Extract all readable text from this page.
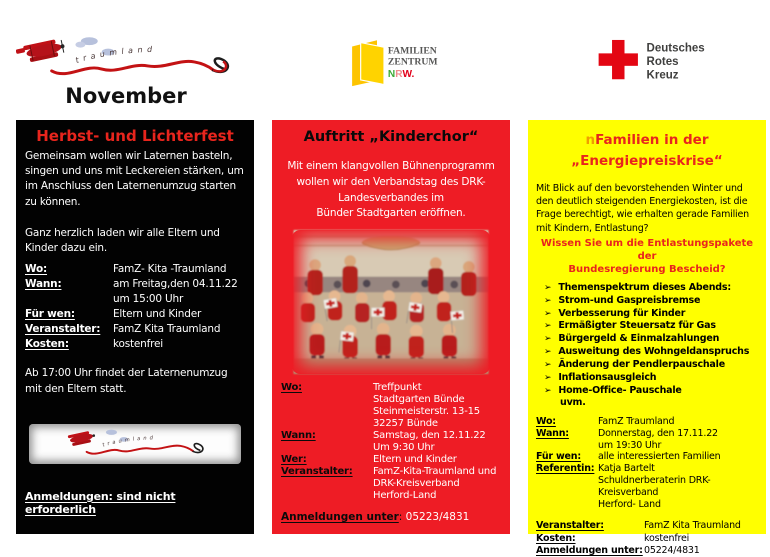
traumland
November
FAMILIEN
ZENTRUM
NRW.
Deutsches
Rotes
Kreuz
Herbst- und Lichterfest

Gemeinsam wollen wir Laternen basteln, singen und uns mit Leckereien stärken, um im Anschluss den Laternenumzug starten zu können.

Ganz herzlich laden wir alle Eltern und Kinder dazu ein.

Wo:	FamZ- Kita -Traumland
Wann:	am Freitag,den 04.11.22
um 15:00 Uhr
Für wen:	Eltern und Kinder
Veranstalter:	FamZ Kita Traumland
Kosten:	kostenfrei

Ab 17:00 Uhr findet der Laternenumzug mit den Eltern statt.

traumland
Anmeldungen: sind nicht erforderlich
Auftritt „Kinderchor“
Mit einem klangvollen Bühnenprogramm
wollen wir den Verbandstag des DRK-
Landesverbandes im
Bünder Stadtgarten eröffnen.
Wo:	Treffpunkt
Stadtgarten Bünde
Steinmeisterstr. 13-15
32257 Bünde
Wann:	Samstag, den 12.11.22
Um 9:30 Uhr
Wer:	Eltern und Kinder
Veranstalter:	FamZ-Kita-Traumland und
DRK-Kreisverband
Herford-Land
Anmeldungen unter: 05223/4831
nFamilien in der
„Energiepreiskrise“

Mit Blick auf den bevorstehenden Winter und den deutlich steigenden Energiekosten, ist die Frage berechtigt, wie erhalten gerade Familien mit Kindern, Entlastung?

Wissen Sie um die Entlastungspakete der
Bundesregierung Bescheid?
➢ Themenspektrum dieses Abends:
➢ Strom-und Gaspreisbremse
➢ Verbesserung für Kinder
➢ Ermäßigter Steuersatz für Gas
➢ Bürgergeld & Einmalzahlungen
➢ Ausweitung des Wohngeldanspruchs
➢ Änderung der Pendlerpauschale
➢ Inflationsausgleich
➢ Home-Office- Pauschale
uvm.
Wo:	FamZ Traumland
Wann:	Donnerstag, den 17.11.22
um 19:30 Uhr
Für wen:	alle interessierten Familien
Referentin: Katja Bartelt
Schuldnerberaterin DRK- Kreisverband
Herford- Land
Veranstalter:	FamZ Kita Traumland
Kosten:	kostenfrei
Anmeldungen unter: 05224/4831
